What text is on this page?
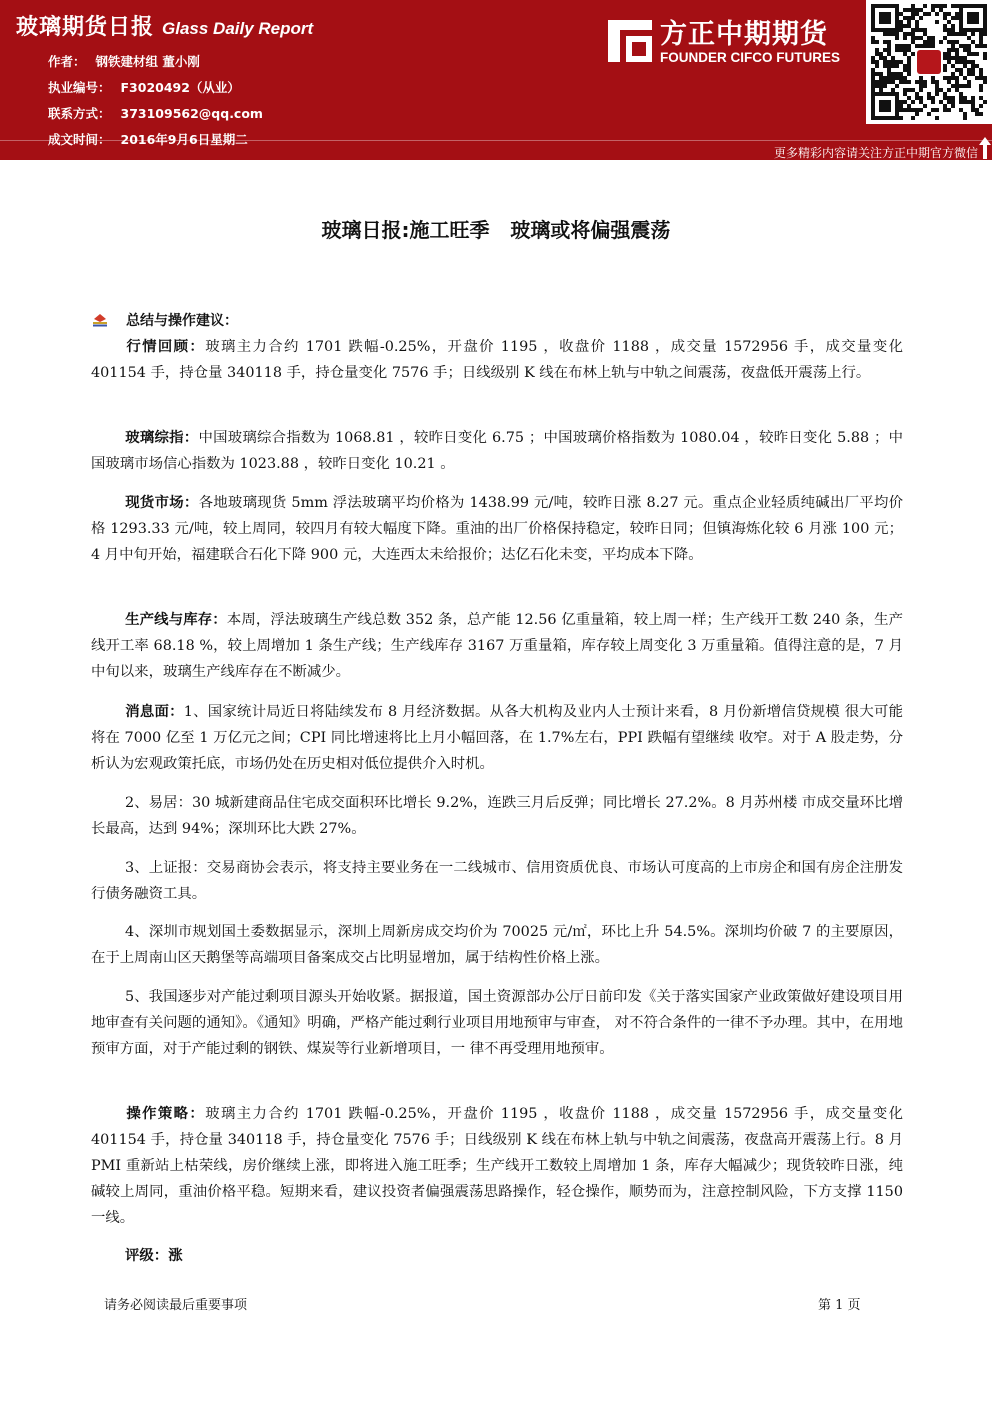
玻璃期货日报 Glass Daily Report
作者： 钢铁建材组 董小刚
执业编号： F3020492（从业）
联系方式： 373109562@qq.com
成文时间： 2016年9月6日星期二
方正中期期货
FOUNDER CIFCO FUTURES
更多精彩内容请关注方正中期官方微信
玻璃日报:施工旺季   玻璃或将偏强震荡
总结与操作建议：
行情回顾：玻璃主力合约 1701 跌幅-0.25%，开盘价 1195 ，收盘价 1188 ，成交量 1572956 手，成交量变化 401154 手，持仓量 340118 手，持仓量变化 7576 手；日线级别 K 线在布林上轨与中轨之间震荡，夜盘低开震荡上行。
玻璃综指：中国玻璃综合指数为 1068.81 ，较昨日变化 6.75 ；中国玻璃价格指数为 1080.04 ，较昨日变化 5.88 ；中国玻璃市场信心指数为 1023.88 ，较昨日变化 10.21 。
现货市场：各地玻璃现货 5mm 浮法玻璃平均价格为 1438.99 元/吨，较昨日涨 8.27 元。重点企业轻质纯碱出厂平均价格 1293.33 元/吨，较上周同，较四月有较大幅度下降。重油的出厂价格保持稳定，较昨日同；但镇海炼化较 6 月涨 100 元；4 月中旬开始，福建联合石化下降 900 元，大连西太未给报价；达亿石化未变，平均成本下降。
生产线与库存：本周，浮法玻璃生产线总数 352 条，总产能 12.56 亿重量箱，较上周一样；生产线开工数 240 条，生产线开工率 68.18 %，较上周增加 1 条生产线；生产线库存 3167 万重量箱，库存较上周变化 3 万重量箱。值得注意的是，7 月中旬以来，玻璃生产线库存在不断减少。
消息面：1、国家统计局近日将陆续发布 8 月经济数据。从各大机构及业内人士预计来看，8 月份新增信贷规模 很大可能将在 7000 亿至 1 万亿元之间；CPI 同比增速将比上月小幅回落，在 1.7%左右，PPI 跌幅有望继续 收窄。对于 A 股走势，分析认为宏观政策托底，市场仍处在历史相对低位提供介入时机。
2、易居：30 城新建商品住宅成交面积环比增长 9.2%，连跌三月后反弹；同比增长 27.2%。8 月苏州楼 市成交量环比增长最高，达到 94%；深圳环比大跌 27%。
3、上证报：交易商协会表示，将支持主要业务在一二线城市、信用资质优良、市场认可度高的上市房企和国有房企注册发行债务融资工具。
4、深圳市规划国土委数据显示，深圳上周新房成交均价为 70025 元/㎡，环比上升 54.5%。深圳均价破 7 的主要原因，在于上周南山区天鹅堡等高端项目备案成交占比明显增加，属于结构性价格上涨。
5、我国逐步对产能过剩项目源头开始收紧。据报道，国土资源部办公厅日前印发《关于落实国家产业政策做好建设项目用地审查有关问题的通知》。《通知》明确，严格产能过剩行业项目用地预审与审查， 对不符合条件的一律不予办理。其中，在用地预审方面，对于产能过剩的钢铁、煤炭等行业新增项目，一 律不再受理用地预审。
操作策略：玻璃主力合约 1701 跌幅-0.25%，开盘价 1195 ，收盘价 1188 ，成交量 1572956 手，成交量变化 401154 手，持仓量 340118 手，持仓量变化 7576 手；日线级别 K 线在布林上轨与中轨之间震荡，夜盘高开震荡上行。8 月 PMI 重新站上枯荣线，房价继续上涨，即将进入施工旺季；生产线开工数较上周增加 1 条，库存大幅减少；现货较昨日涨，纯碱较上周同，重油价格平稳。短期来看，建议投资者偏强震荡思路操作，轻仓操作，顺势而为，注意控制风险，下方支撑 1150 一线。
评级：涨
请务必阅读最后重要事项	第 1 页
